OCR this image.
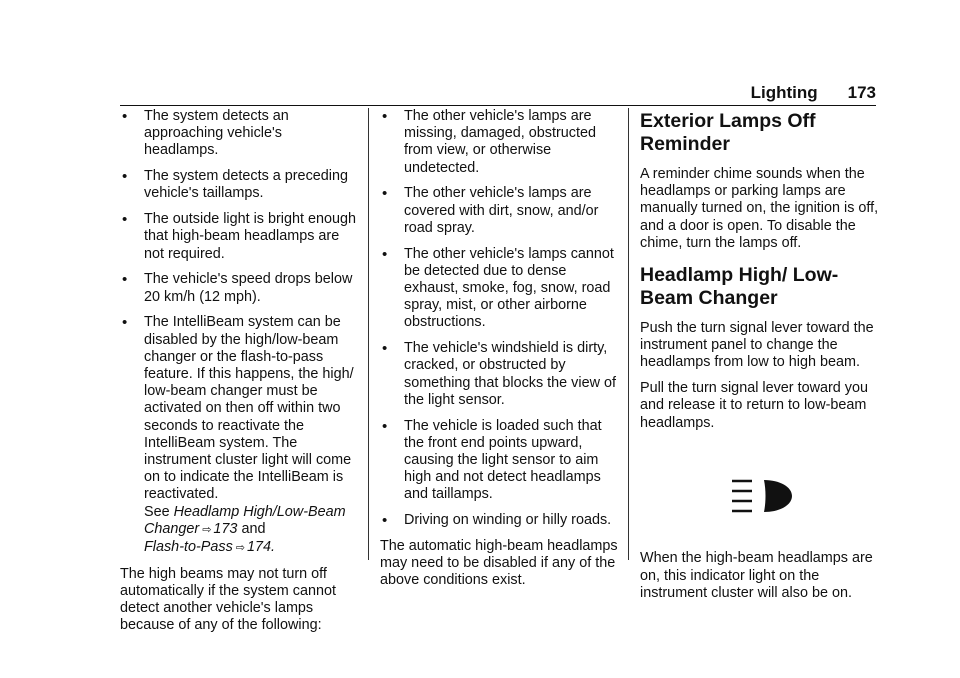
Lighting 173
• The system detects an approaching vehicle's headlamps.
• The system detects a preceding vehicle's taillamps.
• The outside light is bright enough that high-beam headlamps are not required.
• The vehicle's speed drops below 20 km/h (12 mph).
• The IntelliBeam system can be disabled by the high/low-beam changer or the flash-to-pass feature. If this happens, the high/ low-beam changer must be activated on then off within two seconds to reactivate the IntelliBeam system. The instrument cluster light will come on to indicate the IntelliBeam is reactivated.
See Headlamp High/Low-Beam Changer ⇨ 173 and
Flash-to-Pass ⇨ 174.

The high beams may not turn off automatically if the system cannot detect another vehicle's lamps because of any of the following:

• The other vehicle's lamps are missing, damaged, obstructed from view, or otherwise undetected.
• The other vehicle's lamps are covered with dirt, snow, and/or road spray.
• The other vehicle's lamps cannot be detected due to dense exhaust, smoke, fog, snow, road spray, mist, or other airborne obstructions.
• The vehicle's windshield is dirty, cracked, or obstructed by something that blocks the view of the light sensor.
• The vehicle is loaded such that the front end points upward, causing the light sensor to aim high and not detect headlamps and taillamps.
• Driving on winding or hilly roads.

The automatic high-beam headlamps may need to be disabled if any of the above conditions exist.

Exterior Lamps Off Reminder

A reminder chime sounds when the headlamps or parking lamps are manually turned on, the ignition is off, and a door is open. To disable the chime, turn the lamps off.

Headlamp High/ Low-Beam Changer

Push the turn signal lever toward the instrument panel to change the headlamps from low to high beam.

Pull the turn signal lever toward you and release it to return to low-beam headlamps.

When the high-beam headlamps are on, this indicator light on the instrument cluster will also be on.
